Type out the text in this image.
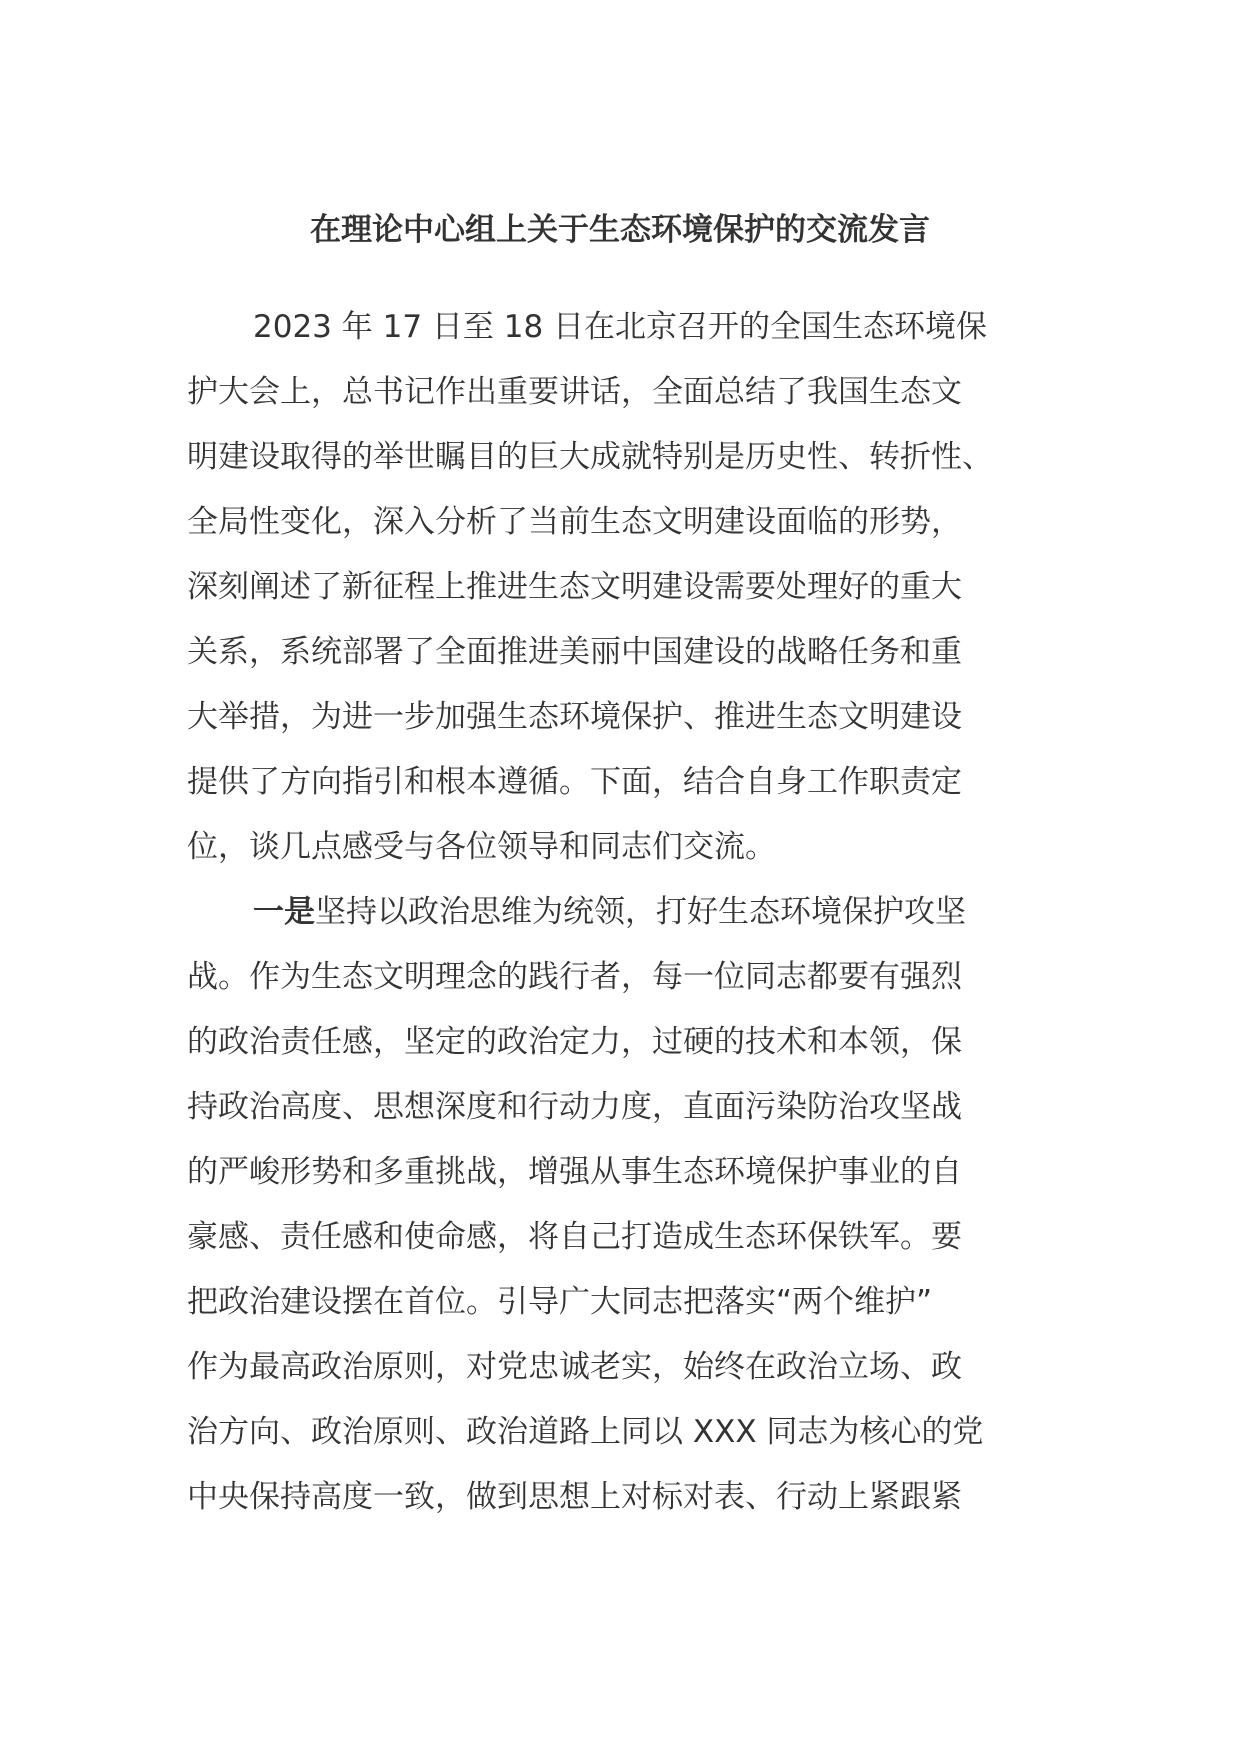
在理论中心组上关于生态环境保护的交流发言
2023 年 17 日至 18 日在北京召开的全国生态环境保
护大会上，总书记作出重要讲话，全面总结了我国生态文
明建设取得的举世瞩目的巨大成就特别是历史性、转折性、
全局性变化，深入分析了当前生态文明建设面临的形势，
深刻阐述了新征程上推进生态文明建设需要处理好的重大
关系，系统部署了全面推进美丽中国建设的战略任务和重
大举措，为进一步加强生态环境保护、推进生态文明建设
提供了方向指引和根本遵循。下面，结合自身工作职责定
位，谈几点感受与各位领导和同志们交流。
一是坚持以政治思维为统领，打好生态环境保护攻坚
战。作为生态文明理念的践行者，每一位同志都要有强烈
的政治责任感，坚定的政治定力，过硬的技术和本领，保
持政治高度、思想深度和行动力度，直面污染防治攻坚战
的严峻形势和多重挑战，增强从事生态环境保护事业的自
豪感、责任感和使命感，将自己打造成生态环保铁军。要
把政治建设摆在首位。引导广大同志把落实“两个维护”
作为最高政治原则，对党忠诚老实，始终在政治立场、政
治方向、政治原则、政治道路上同以 XXX 同志为核心的党
中央保持高度一致，做到思想上对标对表、行动上紧跟紧
